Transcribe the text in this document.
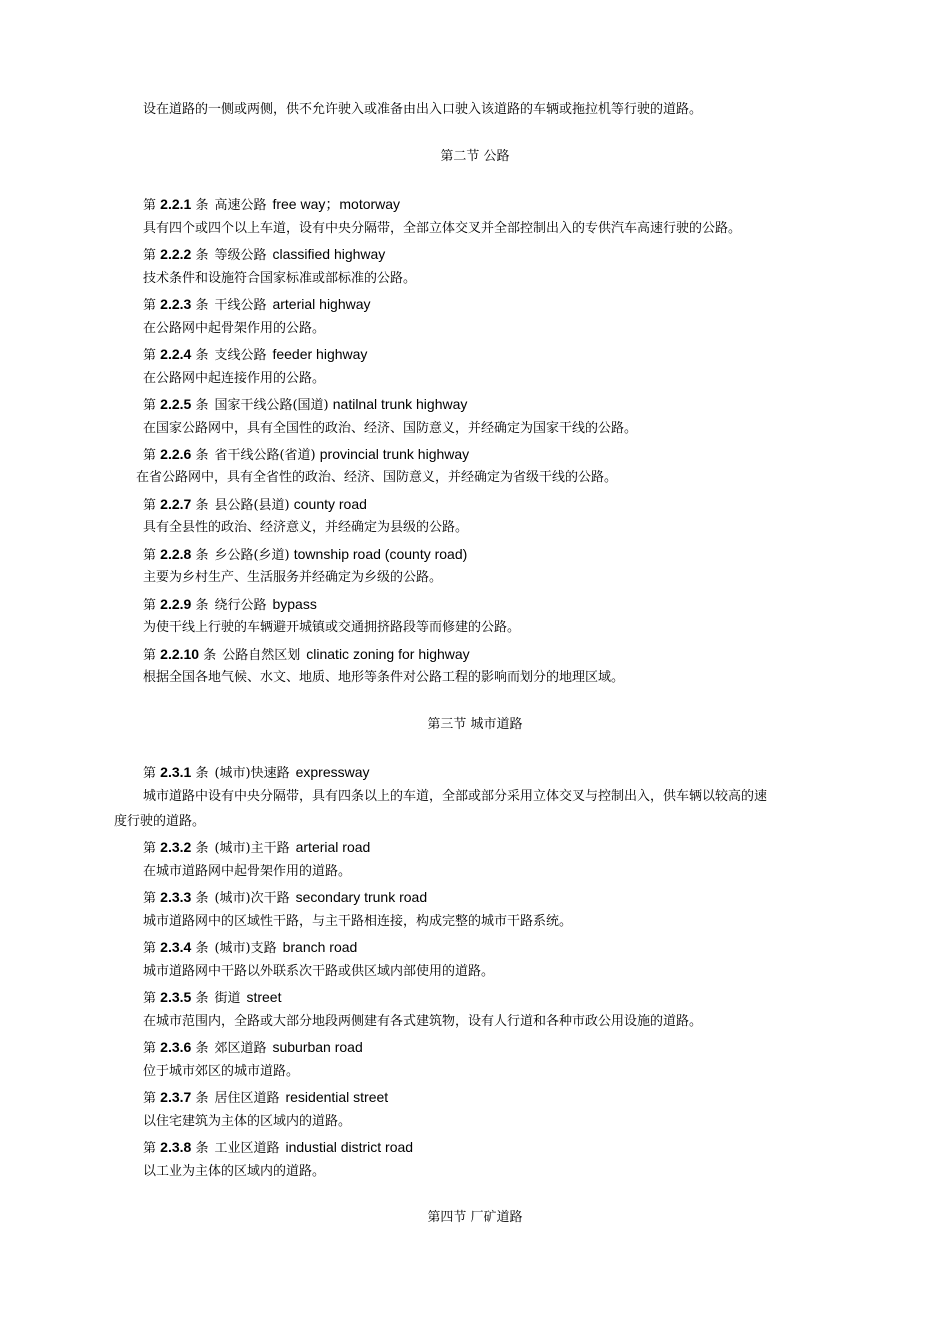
设在道路的一侧或两侧，供不允许驶入或准备由出入口驶入该道路的车辆或拖拉机等行驶的道路。
第二节 公路
第 2.2.1 条 高速公路 free way；motorway
具有四个或四个以上车道，设有中央分隔带，全部立体交叉并全部控制出入的专供汽车高速行驶的公路。
第 2.2.2 条 等级公路 classified highway
技术条件和设施符合国家标准或部标准的公路。
第 2.2.3 条 干线公路 arterial highway
在公路网中起骨架作用的公路。
第 2.2.4 条 支线公路 feeder highway
在公路网中起连接作用的公路。
第 2.2.5 条 国家干线公路(国道) natilnal trunk highway
在国家公路网中，具有全国性的政治、经济、国防意义，并经确定为国家干线的公路。
第 2.2.6 条 省干线公路(省道) provincial trunk highway
在省公路网中，具有全省性的政治、经济、国防意义，并经确定为省级干线的公路。
第 2.2.7 条 县公路(县道) county road
具有全县性的政治、经济意义，并经确定为县级的公路。
第 2.2.8 条 乡公路(乡道) township road (county road)
主要为乡村生产、生活服务并经确定为乡级的公路。
第 2.2.9 条 绕行公路 bypass
为使干线上行驶的车辆避开城镇或交通拥挤路段等而修建的公路。
第 2.2.10 条 公路自然区划 clinatic zoning for highway
根据全国各地气候、水文、地质、地形等条件对公路工程的影响而划分的地理区域。
第三节 城市道路
第 2.3.1 条 (城市)快速路 expressway
城市道路中设有中央分隔带，具有四条以上的车道，全部或部分采用立体交叉与控制出入，供车辆以较高的速
度行驶的道路。
第 2.3.2 条 (城市)主干路 arterial road
在城市道路网中起骨架作用的道路。
第 2.3.3 条 (城市)次干路 secondary trunk road
城市道路网中的区域性干路，与主干路相连接，构成完整的城市干路系统。
第 2.3.4 条 (城市)支路 branch road
城市道路网中干路以外联系次干路或供区域内部使用的道路。
第 2.3.5 条 街道 street
在城市范围内，全路或大部分地段两侧建有各式建筑物，设有人行道和各种市政公用设施的道路。
第 2.3.6 条 郊区道路 suburban road
位于城市郊区的城市道路。
第 2.3.7 条 居住区道路 residential street
以住宅建筑为主体的区域内的道路。
第 2.3.8 条 工业区道路 industial district road
以工业为主体的区域内的道路。
第四节 厂矿道路
